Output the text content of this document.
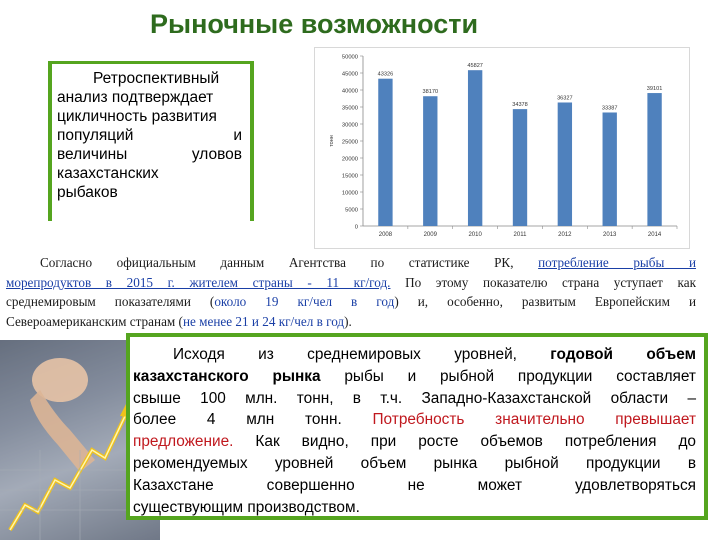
Рыночные возможности
Ретроспективный
анализ подтверждает
цикличность развития
популяций и
величины уловов
казахстанских
рыбаков
0
5000
10000
15000
20000
25000
30000
35000
40000
45000
50000
тонн
43326
2008
38170
2009
45827
2010
34378
2011
36327
2012
33387
2013
39101
2014
Согласно официальным данным Агентства по статистике РК, потребление рыбы и
морепродуктов в 2015 г. жителем страны - 11 кг/год. По этому показателю страна уступает как
среднемировым показателями (около 19 кг/чел в год) и, особенно, развитым Европейским и
Североамериканским странам (не менее 21 и 24 кг/чел в год).
Исходя из среднемировых уровней, годовой объем
казахстанского рынка рыбы и рыбной продукции составляет
свыше 100 млн. тонн, в т.ч. Западно-Казахстанской области –
более 4 млн тонн. Потребность значительно превышает
предложение. Как видно, при росте объемов потребления до
рекомендуемых уровней объем рынка рыбной продукции в
Казахстане совершенно не может удовлетворяться
существующим производством.
